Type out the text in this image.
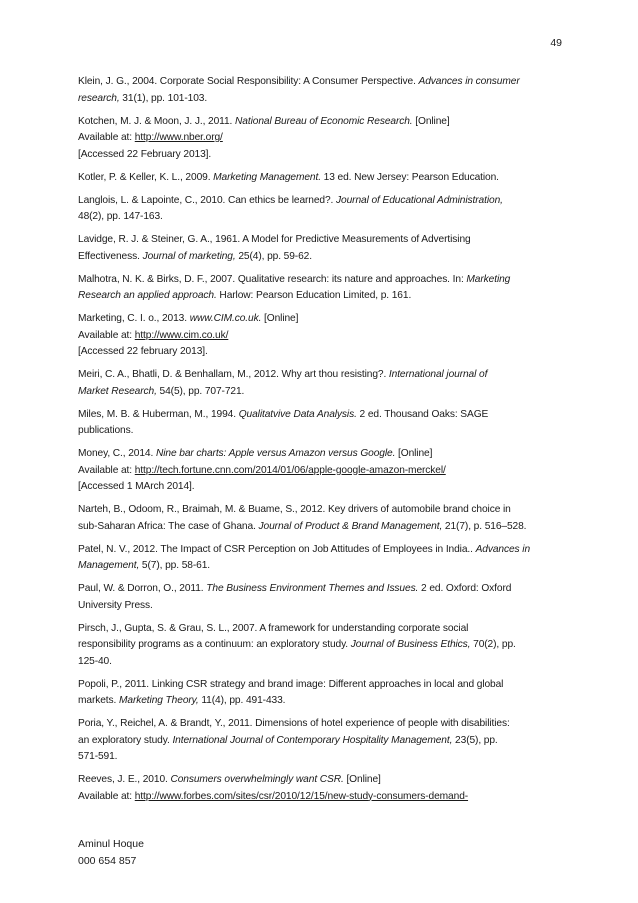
49
Klein, J. G., 2004. Corporate Social Responsibility: A Consumer Perspective. Advances in consumer
research, 31(1), pp. 101-103.
Kotchen, M. J. & Moon, J. J., 2011. National Bureau of Economic Research. [Online]
Available at: http://www.nber.org/
[Accessed 22 February 2013].
Kotler, P. & Keller, K. L., 2009. Marketing Management. 13 ed. New Jersey: Pearson Education.
Langlois, L. & Lapointe, C., 2010. Can ethics be learned?. Journal of Educational Administration,
48(2), pp. 147-163.
Lavidge, R. J. & Steiner, G. A., 1961. A Model for Predictive Measurements of Advertising
Effectiveness. Journal of marketing, 25(4), pp. 59-62.
Malhotra, N. K. & Birks, D. F., 2007. Qualitative research: its nature and approaches. In: Marketing
Research an applied approach. Harlow: Pearson Education Limited, p. 161.
Marketing, C. I. o., 2013. www.CIM.co.uk. [Online]
Available at: http://www.cim.co.uk/
[Accessed 22 february 2013].
Meiri, C. A., Bhatli, D. & Benhallam, M., 2012. Why art thou resisting?. International journal of
Market Research, 54(5), pp. 707-721.
Miles, M. B. & Huberman, M., 1994. Qualitatvive Data Analysis. 2 ed. Thousand Oaks: SAGE
publications.
Money, C., 2014. Nine bar charts: Apple versus Amazon versus Google. [Online]
Available at: http://tech.fortune.cnn.com/2014/01/06/apple-google-amazon-merckel/
[Accessed 1 MArch 2014].
Narteh, B., Odoom, R., Braimah, M. & Buame, S., 2012. Key drivers of automobile brand choice in
sub-Saharan Africa: The case of Ghana. Journal of Product & Brand Management, 21(7), p. 516–528.
Patel, N. V., 2012. The Impact of CSR Perception on Job Attitudes of Employees in India.. Advances in
Management, 5(7), pp. 58-61.
Paul, W. & Dorron, O., 2011. The Business Environment Themes and Issues. 2 ed. Oxford: Oxford
University Press.
Pirsch, J., Gupta, S. & Grau, S. L., 2007. A framework for understanding corporate social
responsibility programs as a continuum: an exploratory study. Journal of Business Ethics, 70(2), pp.
125-40.
Popoli, P., 2011. Linking CSR strategy and brand image: Different approaches in local and global
markets. Marketing Theory, 11(4), pp. 491-433.
Poria, Y., Reichel, A. & Brandt, Y., 2011. Dimensions of hotel experience of people with disabilities:
an exploratory study. International Journal of Contemporary Hospitality Management, 23(5), pp.
571-591.
Reeves, J. E., 2010. Consumers overwhelmingly want CSR. [Online]
Available at: http://www.forbes.com/sites/csr/2010/12/15/new-study-consumers-demand-
Aminul Hoque
000 654 857
